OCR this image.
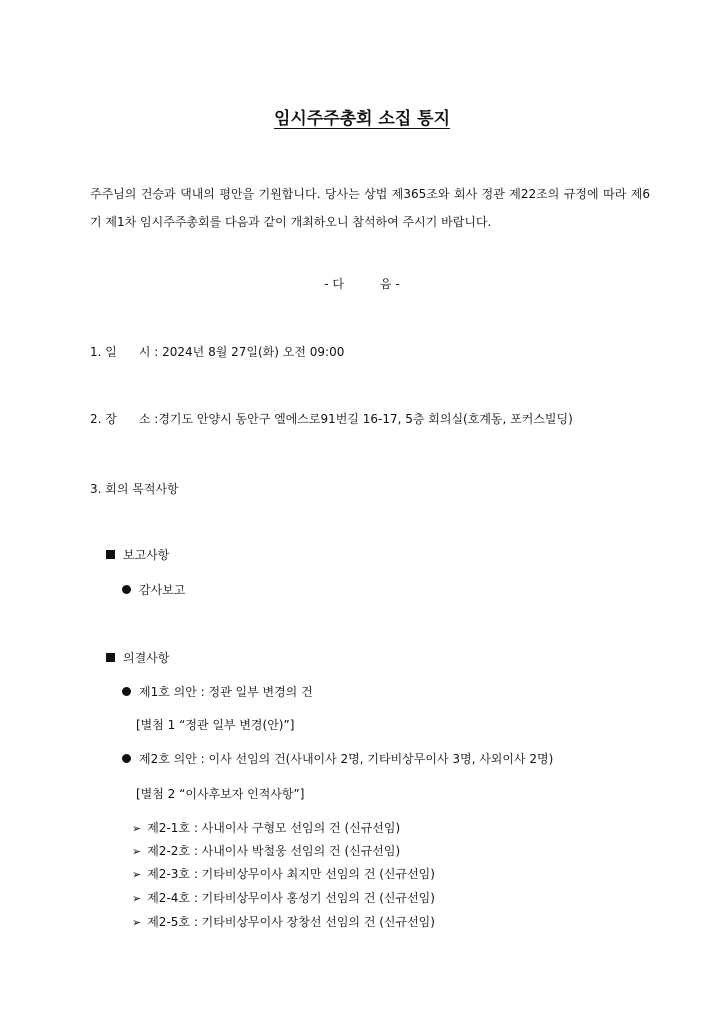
임시주주총회 소집 통지
주주님의 건승과 댁내의 평안을 기원합니다. 당사는 상법 제365조와 회사 정관 제22조의 규정에 따라 제6기 제1차 임시주주총회를 다음과 같이 개최하오니 참석하여 주시기 바랍니다.
- 다	음 -
1. 일 시 : 2024년 8월 27일(화) 오전 09:00
2. 장 소 :경기도 안양시 동안구 엘에스로91번길 16-17, 5층 회의실(호계동, 포커스빌딩)
3. 회의 목적사항
보고사항
감사보고
의결사항
제1호 의안 : 정관 일부 변경의 건
[별첨 1 “정관 일부 변경(안)”]
제2호 의안 : 이사 선임의 건(사내이사 2명, 기타비상무이사 3명, 사외이사 2명)
[별첨 2 “이사후보자 인적사항”]
➢ 제2-1호 : 사내이사 구형모 선임의 건 (신규선임)
➢ 제2-2호 : 사내이사 박철웅 선임의 건 (신규선임)
➢ 제2-3호 : 기타비상무이사 최지만 선임의 건 (신규선임)
➢ 제2-4호 : 기타비상무이사 홍성기 선임의 건 (신규선임)
➢ 제2-5호 : 기타비상무이사 장창선 선임의 건 (신규선임)
